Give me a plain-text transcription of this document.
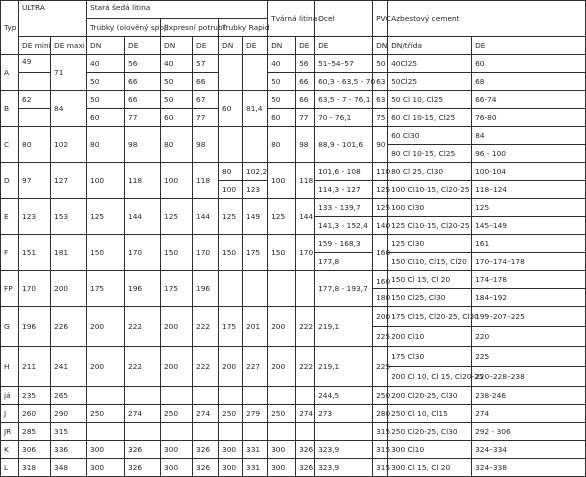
Typ	ULTRA		Stará šedá litina						Tvárná litina		Ocel	PVC	Azbestový cement	
			Trubky (olověný spoj)		Expresní potrubí		Trubky Rapid							
	DE mini	DE maxi	DN	DE	DN	DE	DN	DE	DN	DE	DE	DN	DN/třída	DE
A	49	71	40	56	40	57			40	56	51–54–57	50	40Cl25	60
			50	66	50	66			50	66	60,3 - 63,5 - 70	63	50Cl25	68
B	62	84	50	66	50	67	60	81,4	50	66	63,5 - 7 - 76,1	63	50 Cl 10, Cl25	66-74
			60	77	60	77			60	77	70 - 76,1	75	60 Cl 10-15, Cl25	76-80
C	80	102	80	98	80	98			80	98	88,9 - 101,6	90	60 Cl30	84
													80 Cl 10-15, Cl25	96 - 100
D	97	127	100	118	100	118	80	102,2	100	118	101,6 - 108	110	80 Cl 25, Cl30	100-104
							100	123			114,3 - 127	125	100 Cl10-15, Cl20-25	118–124
E	123	153	125	144	125	144	125	149	125	144	133 - 139,7	125	100 Cl30	125
											141,3 - 152,4	140	125 Cl10-15, Cl20-25	145–149
F	151	181	150	170	150	170	150	175	150	170	159 - 168,3	160	125 Cl30	161
											177,8		150 Cl10, Cl15, Cl20	170–174–178
FP	170	200	175	196	175	196					177,8 - 193,7	160	150 Cl 15, Cl 20	174–178
												180	150 Cl25, Cl30	184–192
G	196	226	200	222	200	222	175	201	200	222	219,1	200	175 Cl15, Cl20-25, Cl30	199–207–225
												225	200 Cl10	220
H	211	241	200	222	200	222	200	227	200	222	219,1	225	175 Cl30	225
													200 Cl 10, Cl 15, Cl20-25	220–228–238
já	235	265									244,5	250	200 Cl20-25, Cl30	238-246
J	260	290	250	274	250	274	250	279	250	274	273	280	250 Cl 10, Cl15	274
JR	285	315										315	250 Cl20-25, Cl30	292 - 306
K	306	336	300	326	300	326	300	331	300	326	323,9	315	300 Cl10	324–334
L	318	348	300	326	300	326	300	331	300	326	323,9	315	300 Cl 15, Cl 20	324–338
